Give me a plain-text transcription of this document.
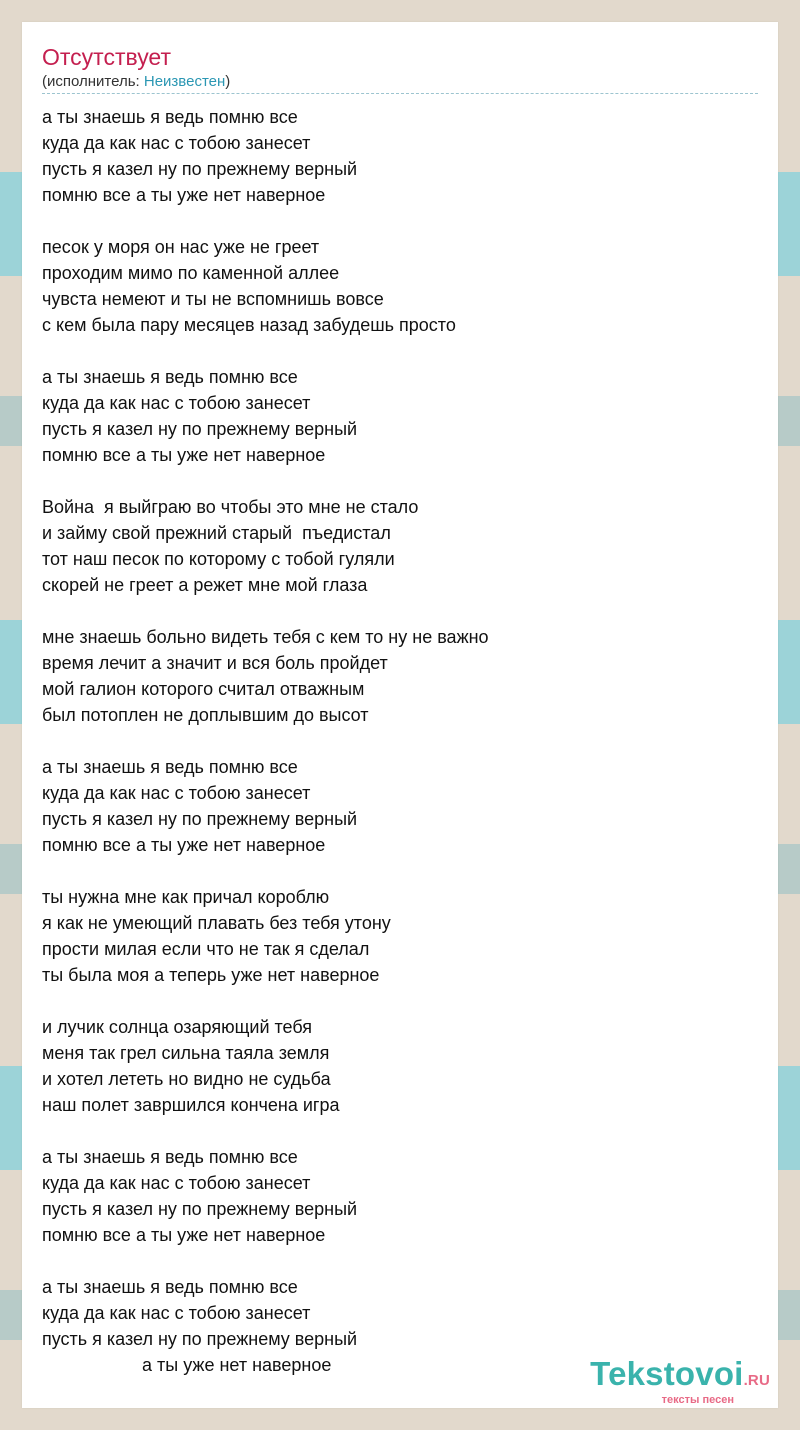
Отсутствует
(исполнитель: Неизвестен)
а ты знаешь я ведь помню все
куда да как нас с тобою занесет
пусть я казел ну по прежнему верный
помню все а ты уже нет наверное
песок у моря он нас уже не греет
проходим мимо по каменной аллее
чувста немеют и ты не вспомнишь вовсе
с кем была пару месяцев назад забудешь просто
а ты знаешь я ведь помню все
куда да как нас с тобою занесет
пусть я казел ну по прежнему верный
помню все а ты уже нет наверное
Война  я выйграю во чтобы это мне не стало
и займу свой прежний старый  пъедистал
тот наш песок по которому с тобой гуляли
скорей не греет а режет мне мой глаза
мне знаешь больно видеть тебя с кем то ну не важно
время лечит а значит и вся боль пройдет
мой галион которого считал отважным
был потоплен не доплывшим до высот
а ты знаешь я ведь помню все
куда да как нас с тобою занесет
пусть я казел ну по прежнему верный
помню все а ты уже нет наверное
ты нужна мне как причал короблю
я как не умеющий плавать без тебя утону
прости милая если что не так я сделал
ты была моя а теперь уже нет наверное
и лучик солнца озаряющий тебя
меня так грел сильна таяла земля
и хотел лететь но видно не судьба
наш полет завршился кончена игра
а ты знаешь я ведь помню все
куда да как нас с тобою занесет
пусть я казел ну по прежнему верный
помню все а ты уже нет наверное
а ты знаешь я ведь помню все
куда да как нас с тобою занесет
пусть я казел ну по прежнему верный
а ты уже нет наверное	Tekstovoi.RU
тексты песен
